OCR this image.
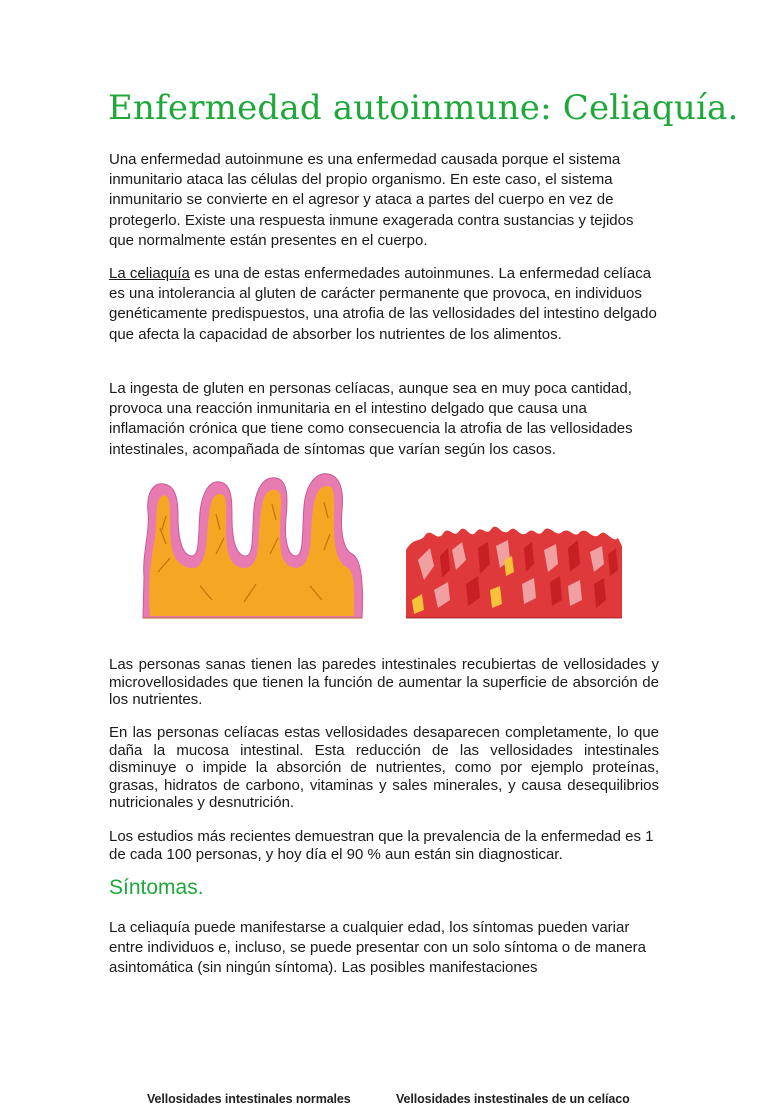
Enfermedad autoinmune: Celiaquía.

Una enfermedad autoinmune es una enfermedad causada porque el sistema inmunitario ataca las células del propio organismo. En este caso, el sistema inmunitario se convierte en el agresor y ataca a partes del cuerpo en vez de protegerlo. Existe una respuesta inmune exagerada contra sustancias y tejidos que normalmente están presentes en el cuerpo.

La celiaquía es una de estas enfermedades autoinmunes. La enfermedad celíaca es una intolerancia al gluten de carácter permanente que provoca, en individuos genéticamente predispuestos, una atrofia de las vellosidades del intestino delgado que afecta la capacidad de absorber los nutrientes de los alimentos.

La ingesta de gluten en personas celíacas, aunque sea en muy poca cantidad, provoca una reacción inmunitaria en el intestino delgado que causa una inflamación crónica que tiene como consecuencia la atrofia de las vellosidades intestinales, acompañada de síntomas que varían según los casos.

Vellosidades intestinales normales	Vellosidades instestinales de un celíaco

Las personas sanas tienen las paredes intestinales recubiertas de vellosidades y microvellosidades que tienen la función de aumentar la superficie de absorción de los nutrientes.

En las personas celíacas estas vellosidades desaparecen completamente, lo que daña la mucosa intestinal. Esta reducción de las vellosidades intestinales disminuye o impide la absorción de nutrientes, como por ejemplo proteínas, grasas, hidratos de carbono, vitaminas y sales minerales, y causa desequilibrios nutricionales y desnutrición.

Los estudios más recientes demuestran que la prevalencia de la enfermedad es 1 de cada 100 personas, y hoy día el 90 % aun están sin diagnosticar.

Síntomas.

La celiaquía puede manifestarse a cualquier edad, los síntomas pueden variar entre individuos e, incluso, se puede presentar con un solo síntoma o de manera asintomática (sin ningún síntoma). Las posibles manifestaciones
